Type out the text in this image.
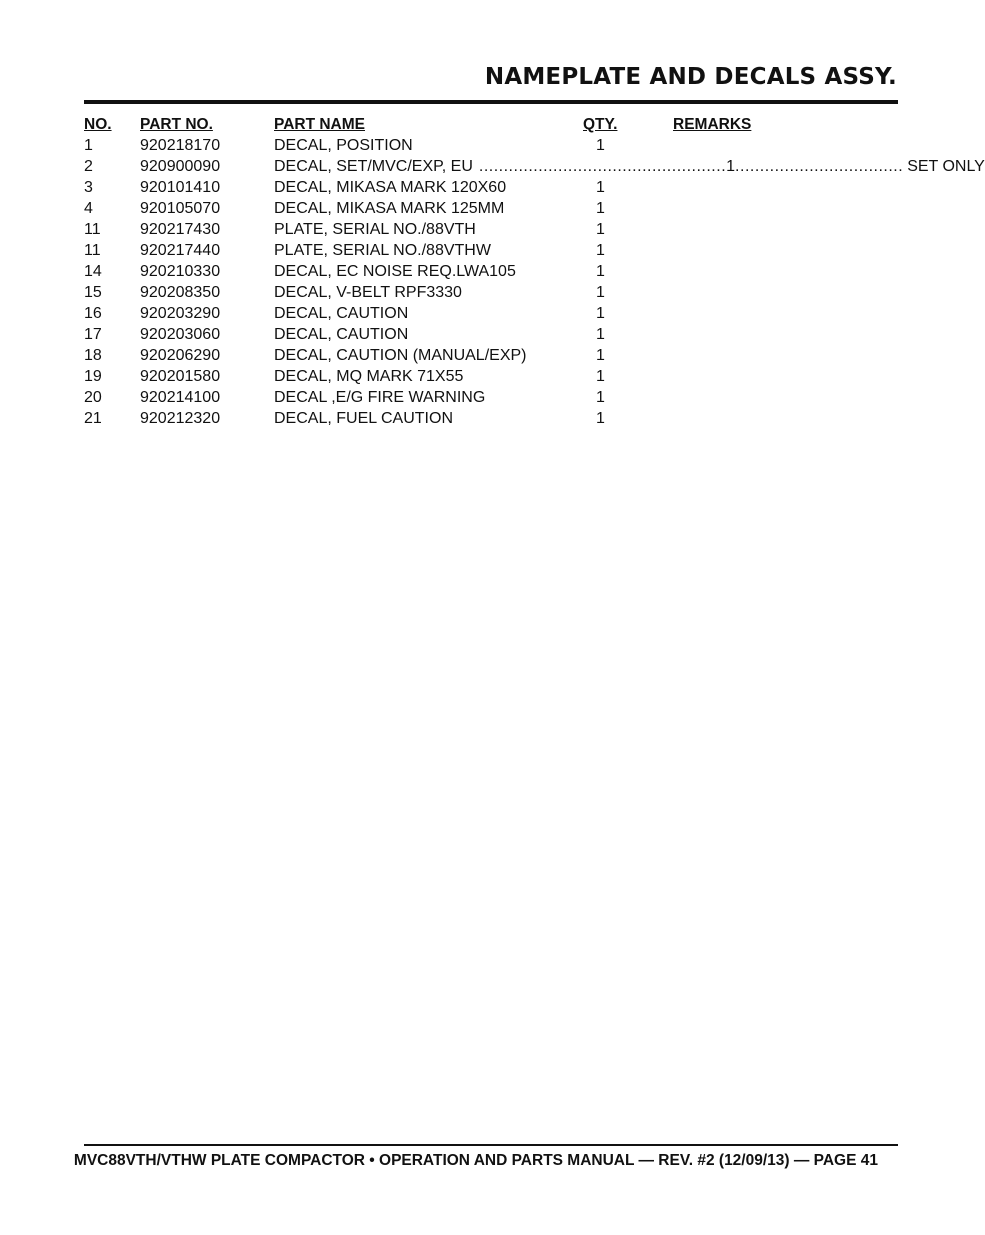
NAMEPLATE AND DECALS ASSY.
NO. PART NO.	PART NAME	QTY.	REMARKS
1	920218170	DECAL, POSITION	1
2	920900090	DECAL, SET/MVC/EXP, EU .................................................. 1 .................................. SET ONLY
3	920101410	DECAL, MIKASA MARK 120X60	1
4	920105070	DECAL, MIKASA MARK 125MM	1
11 920217430	PLATE, SERIAL NO./88VTH	1
11 920217440	PLATE, SERIAL NO./88VTHW	1
14 920210330	DECAL, EC NOISE REQ.LWA105	1
15 920208350	DECAL, V-BELT RPF3330	1
16 920203290	DECAL, CAUTION	1
17 920203060	DECAL, CAUTION	1
18 920206290	DECAL, CAUTION (MANUAL/EXP)	1
19 920201580	DECAL, MQ MARK 71X55	1
20 920214100	DECAL ,E/G FIRE WARNING	1
21 920212320	DECAL, FUEL CAUTION	1
MVC88VTH/VTHW PLATE COMPACTOR • OPERATION AND PARTS MANUAL — REV. #2 (12/09/13) — PAGE 41
